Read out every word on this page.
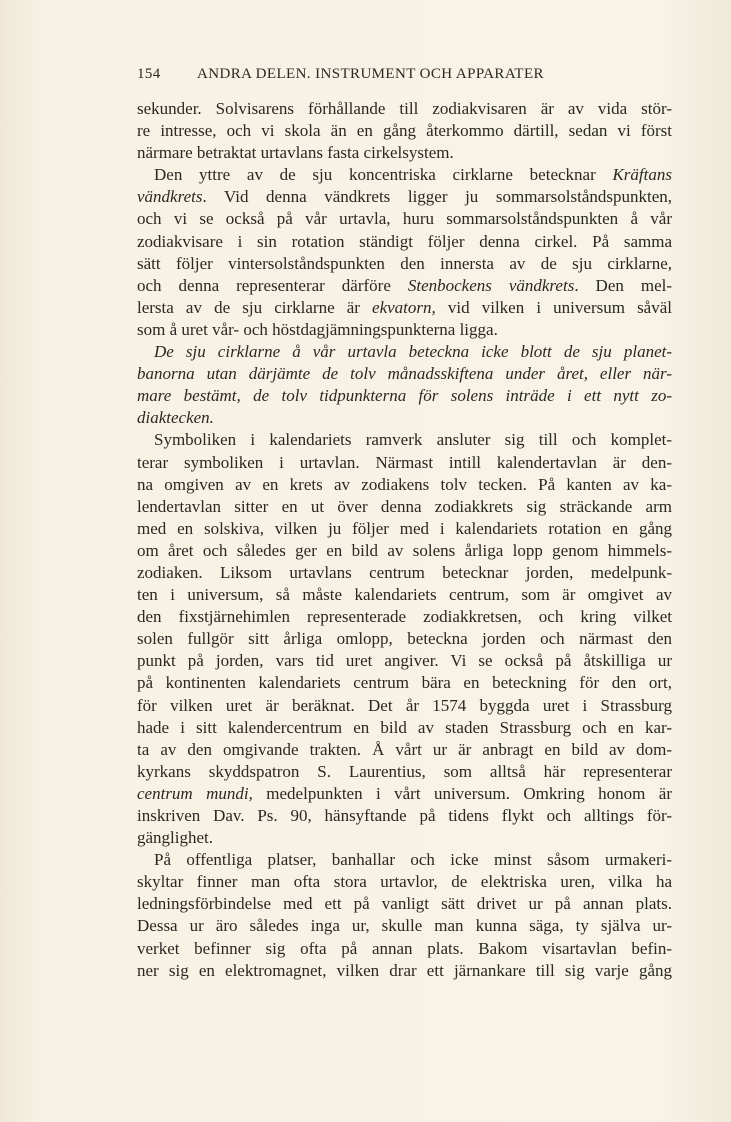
154 ANDRA DELEN. INSTRUMENT OCH APPARATER
sekunder. Solvisarens förhållande till zodiakvisaren är av vida stör-
re intresse, och vi skola än en gång återkommo därtill, sedan vi först
närmare betraktat urtavlans fasta cirkelsystem.
Den yttre av de sju koncentriska cirklarne betecknar Kräftans
vändkrets. Vid denna vändkrets ligger ju sommarsolståndspunkten,
och vi se också på vår urtavla, huru sommarsolståndspunkten å vår
zodiakvisare i sin rotation ständigt följer denna cirkel. På samma
sätt följer vintersolståndspunkten den innersta av de sju cirklarne,
och denna representerar därföre Stenbockens vändkrets. Den mel-
lersta av de sju cirklarne är ekvatorn, vid vilken i universum såväl
som å uret vår- och höstdagjämningspunkterna ligga.
De sju cirklarne å vår urtavla beteckna icke blott de sju planet-
banorna utan därjämte de tolv månadsskiftena under året, eller när-
mare bestämt, de tolv tidpunkterna för solens inträde i ett nytt zo-
diaktecken.
Symboliken i kalendariets ramverk ansluter sig till och komplet-
terar symboliken i urtavlan. Närmast intill kalendertavlan är den-
na omgiven av en krets av zodiakens tolv tecken. På kanten av ka-
lendertavlan sitter en ut över denna zodiakkrets sig sträckande arm
med en solskiva, vilken ju följer med i kalendariets rotation en gång
om året och således ger en bild av solens årliga lopp genom himmels-
zodiaken. Liksom urtavlans centrum betecknar jorden, medelpunk-
ten i universum, så måste kalendariets centrum, som är omgivet av
den fixstjärnehimlen representerade zodiakkretsen, och kring vilket
solen fullgör sitt årliga omlopp, beteckna jorden och närmast den
punkt på jorden, vars tid uret angiver. Vi se också på åtskilliga ur
på kontinenten kalendariets centrum bära en beteckning för den ort,
för vilken uret är beräknat. Det år 1574 byggda uret i Strassburg
hade i sitt kalendercentrum en bild av staden Strassburg och en kar-
ta av den omgivande trakten. Å vårt ur är anbragt en bild av dom-
kyrkans skyddspatron S. Laurentius, som alltså här representerar
centrum mundi, medelpunkten i vårt universum. Omkring honom är
inskriven Dav. Ps. 90, hänsyftande på tidens flykt och alltings för-
gänglighet.
På offentliga platser, banhallar och icke minst såsom urmakeri-
skyltar finner man ofta stora urtavlor, de elektriska uren, vilka ha
ledningsförbindelse med ett på vanligt sätt drivet ur på annan plats.
Dessa ur äro således inga ur, skulle man kunna säga, ty själva ur-
verket befinner sig ofta på annan plats. Bakom visartavlan befin-
ner sig en elektromagnet, vilken drar ett järnankare till sig varje gång
